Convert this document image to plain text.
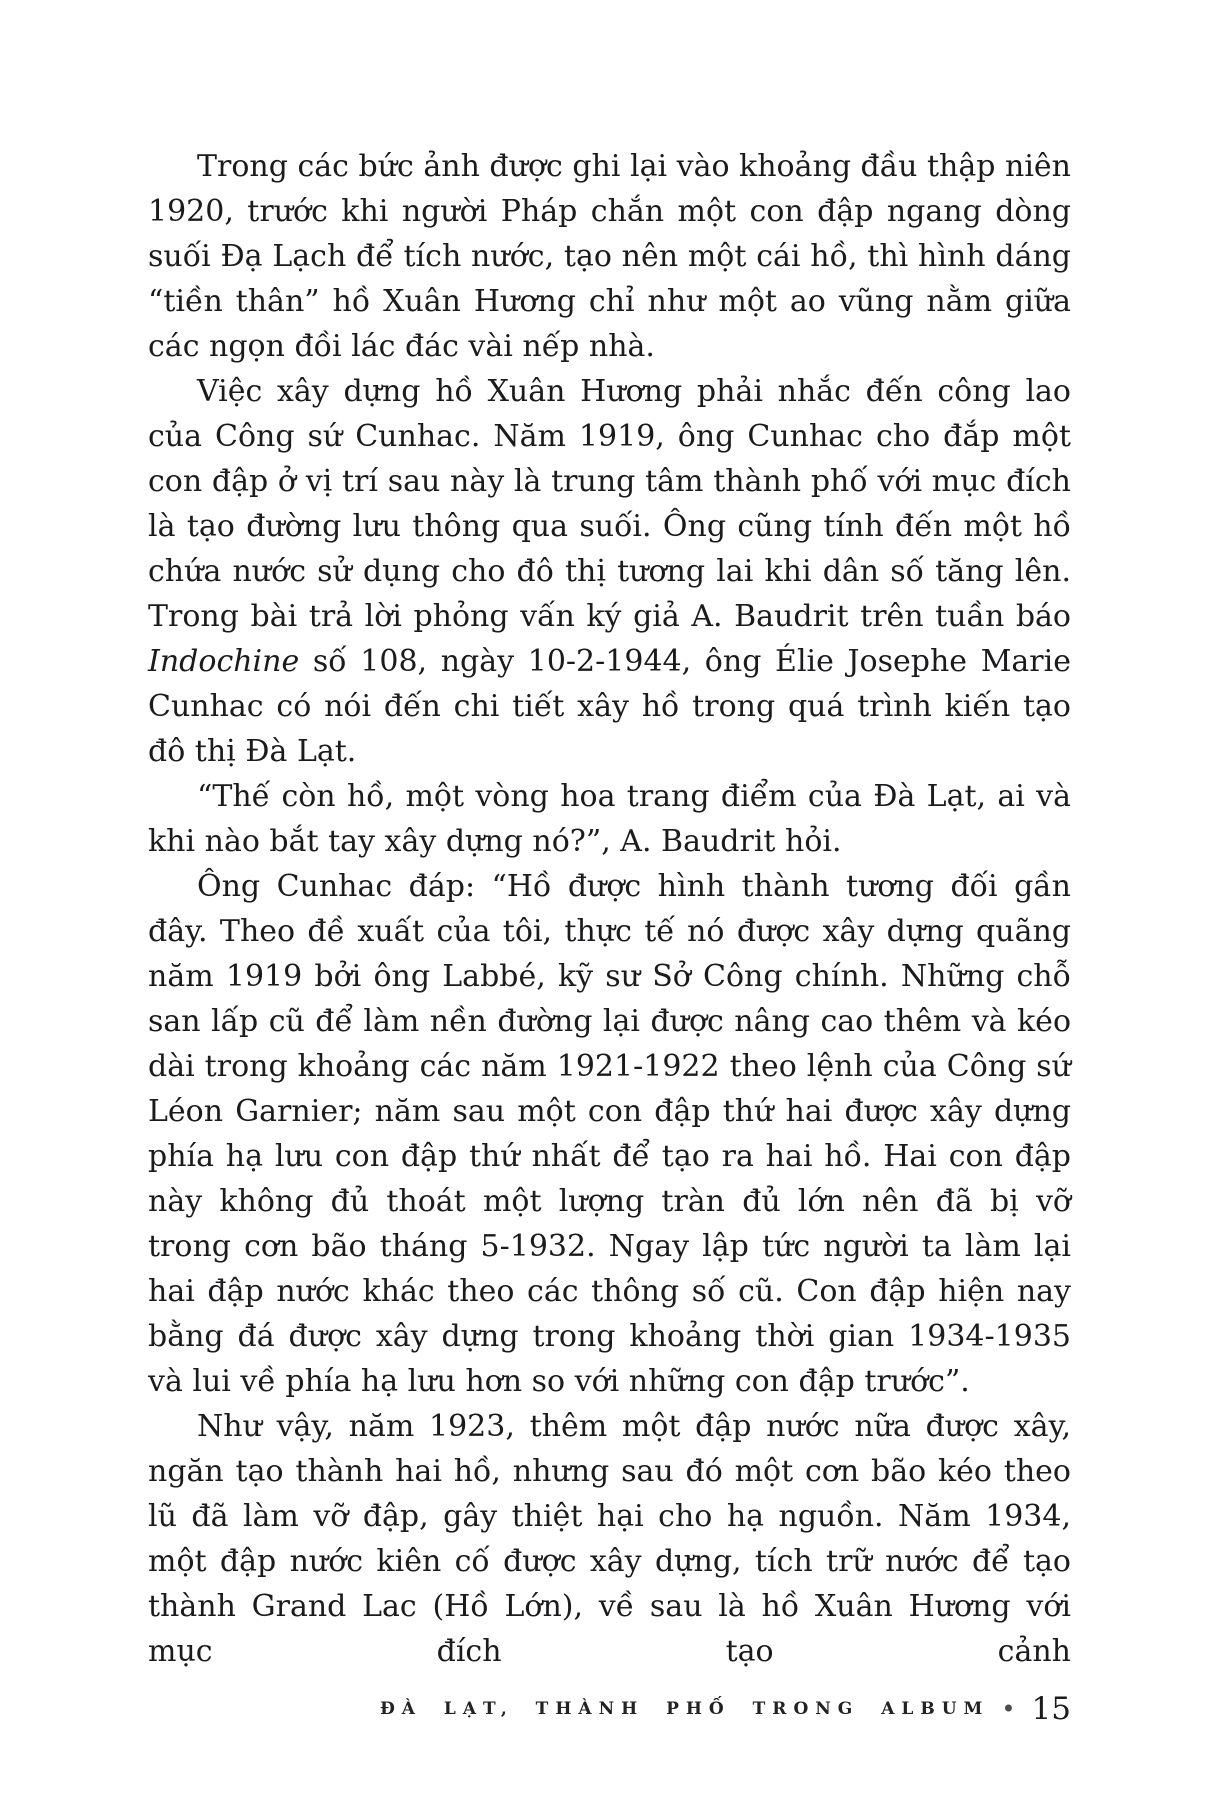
Trong các bức ảnh được ghi lại vào khoảng đầu thập niên 1920, trước khi người Pháp chắn một con đập ngang dòng suối Đạ Lạch để tích nước, tạo nên một cái hồ, thì hình dáng “tiền thân” hồ Xuân Hương chỉ như một ao vũng nằm giữa các ngọn đồi lác đác vài nếp nhà.

Việc xây dựng hồ Xuân Hương phải nhắc đến công lao của Công sứ Cunhac. Năm 1919, ông Cunhac cho đắp một con đập ở vị trí sau này là trung tâm thành phố với mục đích là tạo đường lưu thông qua suối. Ông cũng tính đến một hồ chứa nước sử dụng cho đô thị tương lai khi dân số tăng lên. Trong bài trả lời phỏng vấn ký giả A. Baudrit trên tuần báo Indochine số 108, ngày 10-2-1944, ông Élie Josephe Marie Cunhac có nói đến chi tiết xây hồ trong quá trình kiến tạo đô thị Đà Lạt.

“Thế còn hồ, một vòng hoa trang điểm của Đà Lạt, ai và khi nào bắt tay xây dựng nó?”, A. Baudrit hỏi.

Ông Cunhac đáp: “Hồ được hình thành tương đối gần đây. Theo đề xuất của tôi, thực tế nó được xây dựng quãng năm 1919 bởi ông Labbé, kỹ sư Sở Công chính. Những chỗ san lấp cũ để làm nền đường lại được nâng cao thêm và kéo dài trong khoảng các năm 1921-1922 theo lệnh của Công sứ Léon Garnier; năm sau một con đập thứ hai được xây dựng phía hạ lưu con đập thứ nhất để tạo ra hai hồ. Hai con đập này không đủ thoát một lượng tràn đủ lớn nên đã bị vỡ trong cơn bão tháng 5-1932. Ngay lập tức người ta làm lại hai đập nước khác theo các thông số cũ. Con đập hiện nay bằng đá được xây dựng trong khoảng thời gian 1934-1935 và lui về phía hạ lưu hơn so với những con đập trước”.

Như vậy, năm 1923, thêm một đập nước nữa được xây, ngăn tạo thành hai hồ, nhưng sau đó một cơn bão kéo theo lũ đã làm vỡ đập, gây thiệt hại cho hạ nguồn. Năm 1934, một đập nước kiên cố được xây dựng, tích trữ nước để tạo thành Grand Lac (Hồ Lớn), về sau là hồ Xuân Hương với mục đích tạo cảnh

ĐÀ LẠT, THÀNH PHỐ TRONG ALBUM • 15
